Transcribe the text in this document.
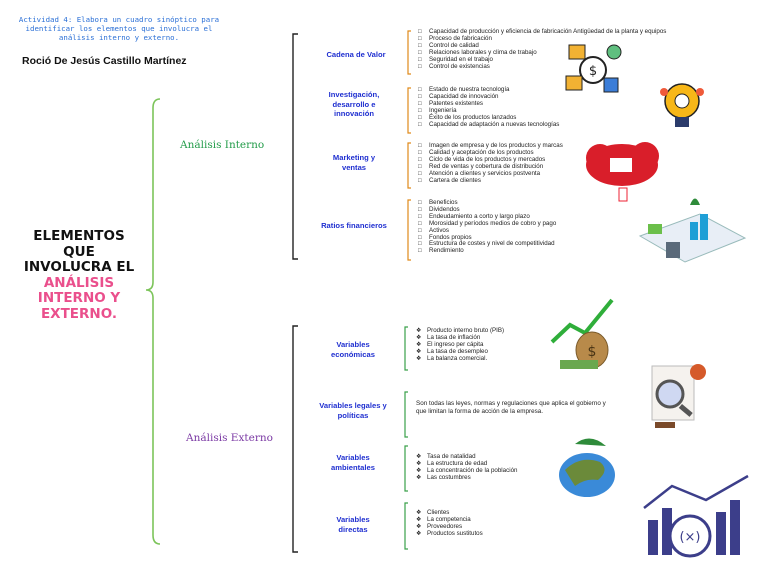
Actividad 4: Elabora un cuadro sinóptico para identificar los elementos que involucra el análisis interno y externo.
Roció De Jesús Castillo Martínez
ELEMENTOS
QUE
INVOLUCRA EL
ANÁLISIS
INTERNO Y
EXTERNO.
Análisis Interno
Análisis Externo
Cadena de Valor
□ Capacidad de producción y eficiencia de fabricación Antigüedad de la planta y equipos
□ Proceso de fabricación
□ Control de calidad
□ Relaciones laborales y clima de trabajo
□ Seguridad en el trabajo
□ Control de existencias
Investigación, desarrollo e innovación
□ Estado de nuestra tecnología
□ Capacidad de innovación
□ Patentes existentes
□ Ingeniería
□ Éxito de los productos lanzados
□ Capacidad de adaptación a nuevas tecnologías
Marketing y ventas
□ Imagen de empresa y de los productos y marcas
□ Calidad y aceptación de los productos
□ Ciclo de vida de los productos y mercados
□ Red de ventas y cobertura de distribución
□ Atención a clientes y servicios postventa
□ Cartera de clientes
Ratios financieros
□ Beneficios
□ Dividendos
□ Endeudamiento a corto y largo plazo
□ Morosidad y períodos medios de cobro y pago
□ Activos
□ Fondos propios
□ Estructura de costes y nivel de competitividad
□ Rendimiento
Variables económicas
❖ Producto interno bruto (PIB)
❖ La tasa de inflación
❖ El ingreso per cápita
❖ La tasa de desempleo
❖ La balanza comercial.
Variables legales y políticas
Son todas las leyes, normas y regulaciones que aplica el gobierno y que limitan la forma de acción de la empresa.
Variables ambientales
❖ Tasa de natalidad
❖ La estructura de edad
❖ La concentración de la población
❖ Las costumbres
Variables directas
❖ Clientes
❖ La competencia
❖ Proveedores
❖ Productos sustitutos
$
$
(×)
